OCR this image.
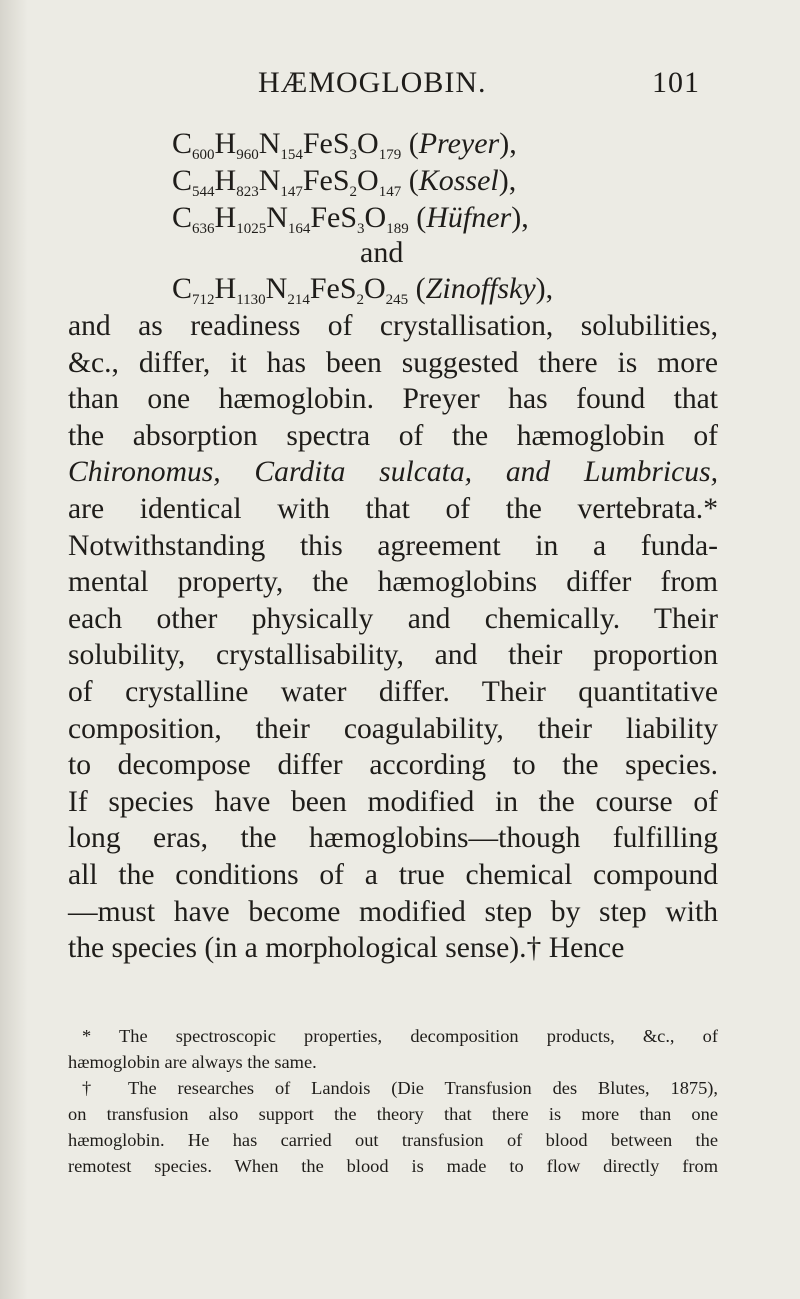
HÆMOGLOBIN.	101
$C_{600}H_{960}N_{154}FeS_3O_{179}$ (Preyer),
$C_{544}H_{823}N_{147}FeS_2O_{147}$ (Kossel),
$C_{636}H_{1025}N_{164}FeS_3O_{189}$ (Hüfner),
and
$C_{712}H_{1130}N_{214}FeS_2O_{245}$ (Zinoffsky),
and as readiness of crystallisation, solubilities,
&c., differ, it has been suggested there is more
than one hæmoglobin. Preyer has found that
the absorption spectra of the hæmoglobin of
Chironomus, Cardita sulcata, and Lumbricus,
are identical with that of the vertebrata.*
Notwithstanding this agreement in a funda-
mental property, the hæmoglobins differ from
each other physically and chemically. Their
solubility, crystallisability, and their proportion
of crystalline water differ. Their quantitative
composition, their coagulability, their liability
to decompose differ according to the species.
If species have been modified in the course of
long eras, the hæmoglobins—though fulfilling
all the conditions of a true chemical compound
—must have become modified step by step with
the species (in a morphological sense).† Hence
* The spectroscopic properties, decomposition products, &c., of
hæmoglobin are always the same.
† The researches of Landois (Die Transfusion des Blutes, 1875),
on transfusion also support the theory that there is more than one
hæmoglobin. He has carried out transfusion of blood between the
remotest species. When the blood is made to flow directly from
